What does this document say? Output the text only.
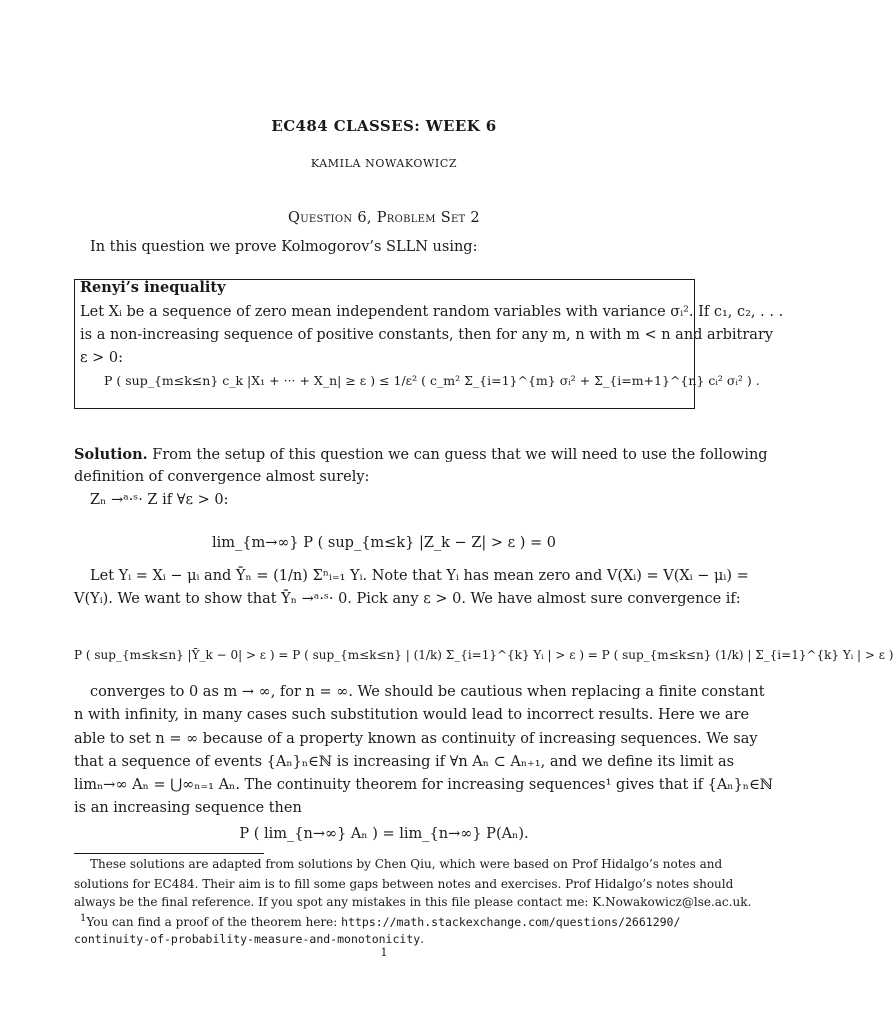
EC484 CLASSES: WEEK 6
KAMILA NOWAKOWICZ
Question 6, Problem Set 2
In this question we prove Kolmogorov’s SLLN using:
Renyi’s inequality
Let Xᵢ be a sequence of zero mean independent random variables with variance σᵢ². If c₁, c₂, . . .
is a non-increasing sequence of positive constants, then for any m, n with m < n and arbitrary
ε > 0:
P ( sup_{m≤k≤n} c_k |X₁ + ··· + X_n| ≥ ε ) ≤ 1/ε² ( c_m² Σ_{i=1}^{m} σᵢ² + Σ_{i=m+1}^{n} cᵢ² σᵢ² ) .
Solution. From the setup of this question we can guess that we will need to use the following
definition of convergence almost surely:
Zₙ →ᵃ·ˢ· Z if ∀ε > 0:
lim_{m→∞} P ( sup_{m≤k} |Z_k − Z| > ε ) = 0
Let Yᵢ = Xᵢ − μᵢ and Ȳₙ = (1/n) Σⁿᵢ₌₁ Yᵢ. Note that Yᵢ has mean zero and V(Xᵢ) = V(Xᵢ − μᵢ) =
V(Yᵢ). We want to show that Ȳₙ →ᵃ·ˢ· 0. Pick any ε > 0. We have almost sure convergence if:
P ( sup_{m≤k≤n} |Ȳ_k − 0| > ε ) = P ( sup_{m≤k≤n} | (1/k) Σ_{i=1}^{k} Yᵢ | > ε ) = P ( sup_{m≤k≤n} (1/k) | Σ_{i=1}^{k} Yᵢ | > ε )
converges to 0 as m → ∞, for n = ∞. We should be cautious when replacing a finite constant
n with infinity, in many cases such substitution would lead to incorrect results. Here we are
able to set n = ∞ because of a property known as continuity of increasing sequences. We say
that a sequence of events {Aₙ}ₙ∈ℕ is increasing if ∀n Aₙ ⊂ Aₙ₊₁, and we define its limit as
limₙ→∞ Aₙ = ⋃∞ₙ₌₁ Aₙ. The continuity theorem for increasing sequences¹ gives that if {Aₙ}ₙ∈ℕ
is an increasing sequence then
P ( lim_{n→∞} Aₙ ) = lim_{n→∞} P(Aₙ).
These solutions are adapted from solutions by Chen Qiu, which were based on Prof Hidalgo’s notes and
solutions for EC484. Their aim is to fill some gaps between notes and exercises. Prof Hidalgo’s notes should
always be the final reference. If you spot any mistakes in this file please contact me: K.Nowakowicz@lse.ac.uk.
$^1$You can find a proof of the theorem here: https://math.stackexchange.com/questions/2661290/
continuity-of-probability-measure-and-monotonicity.
1
